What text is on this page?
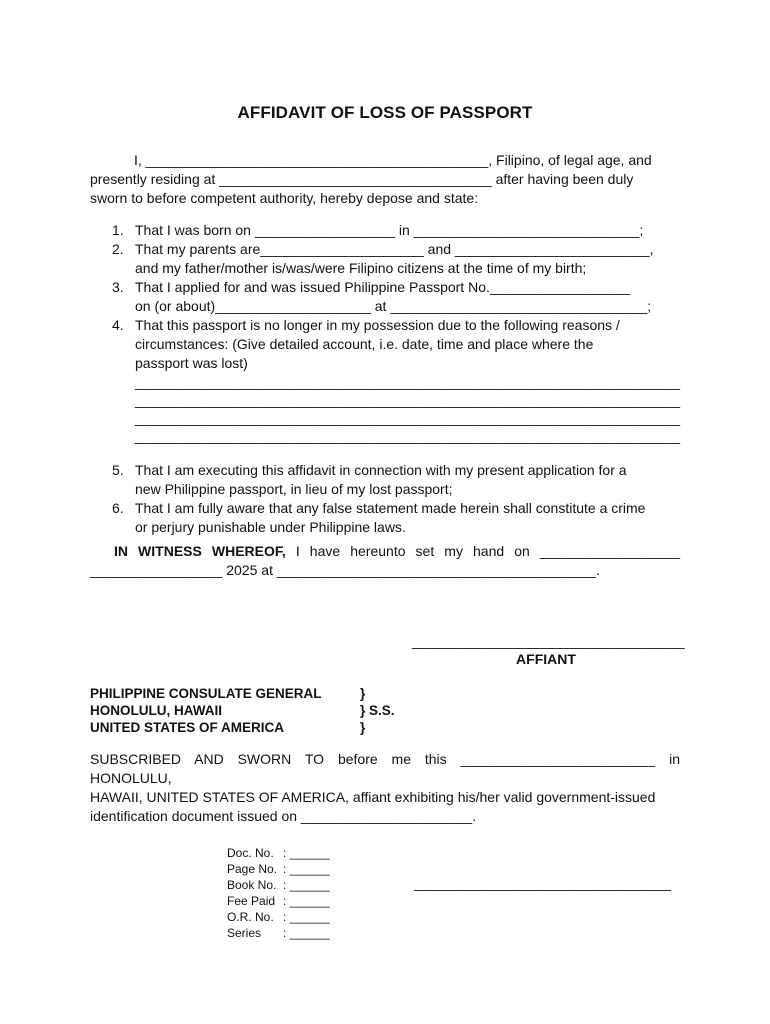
AFFIDAVIT OF LOSS OF PASSPORT
I, ____________________________________________, Filipino, of legal age, and
presently residing at ___________________________________ after having been duly
sworn to before competent authority, hereby depose and state:
1. That I was born on __________________ in _____________________________;
2. That my parents are_____________________ and _________________________,
and my father/mother is/was/were Filipino citizens at the time of my birth;
3. That I applied for and was issued Philippine Passport No.__________________
on (or about)____________________ at _________________________________;
4. That this passport is no longer in my possession due to the following reasons /
circumstances: (Give detailed account, i.e. date, time and place where the
passport was lost)
______________________________________________________________________
______________________________________________________________________
______________________________________________________________________
______________________________________________________________________
5. That I am executing this affidavit in connection with my present application for a
new Philippine passport, in lieu of my lost passport;
6. That I am fully aware that any false statement made herein shall constitute a crime
or perjury punishable under Philippine laws.
IN WITNESS WHEREOF, I have hereunto set my hand on __________________
_________________ 2025 at _________________________________________.
___________________________________
AFFIANT
PHILIPPINE CONSULATE GENERAL
HONOLULU, HAWAII
UNITED STATES OF AMERICA
}
} S.S.
}
SUBSCRIBED AND SWORN TO before me this _________________________ in HONOLULU,
HAWAII, UNITED STATES OF AMERICA, affiant exhibiting his/her valid government-issued
identification document issued on ______________________.
Doc. No. : ______
Page No. : ______
Book No. : ______
Fee Paid : ______
O.R. No. : ______
Series	: ______
_________________________________
